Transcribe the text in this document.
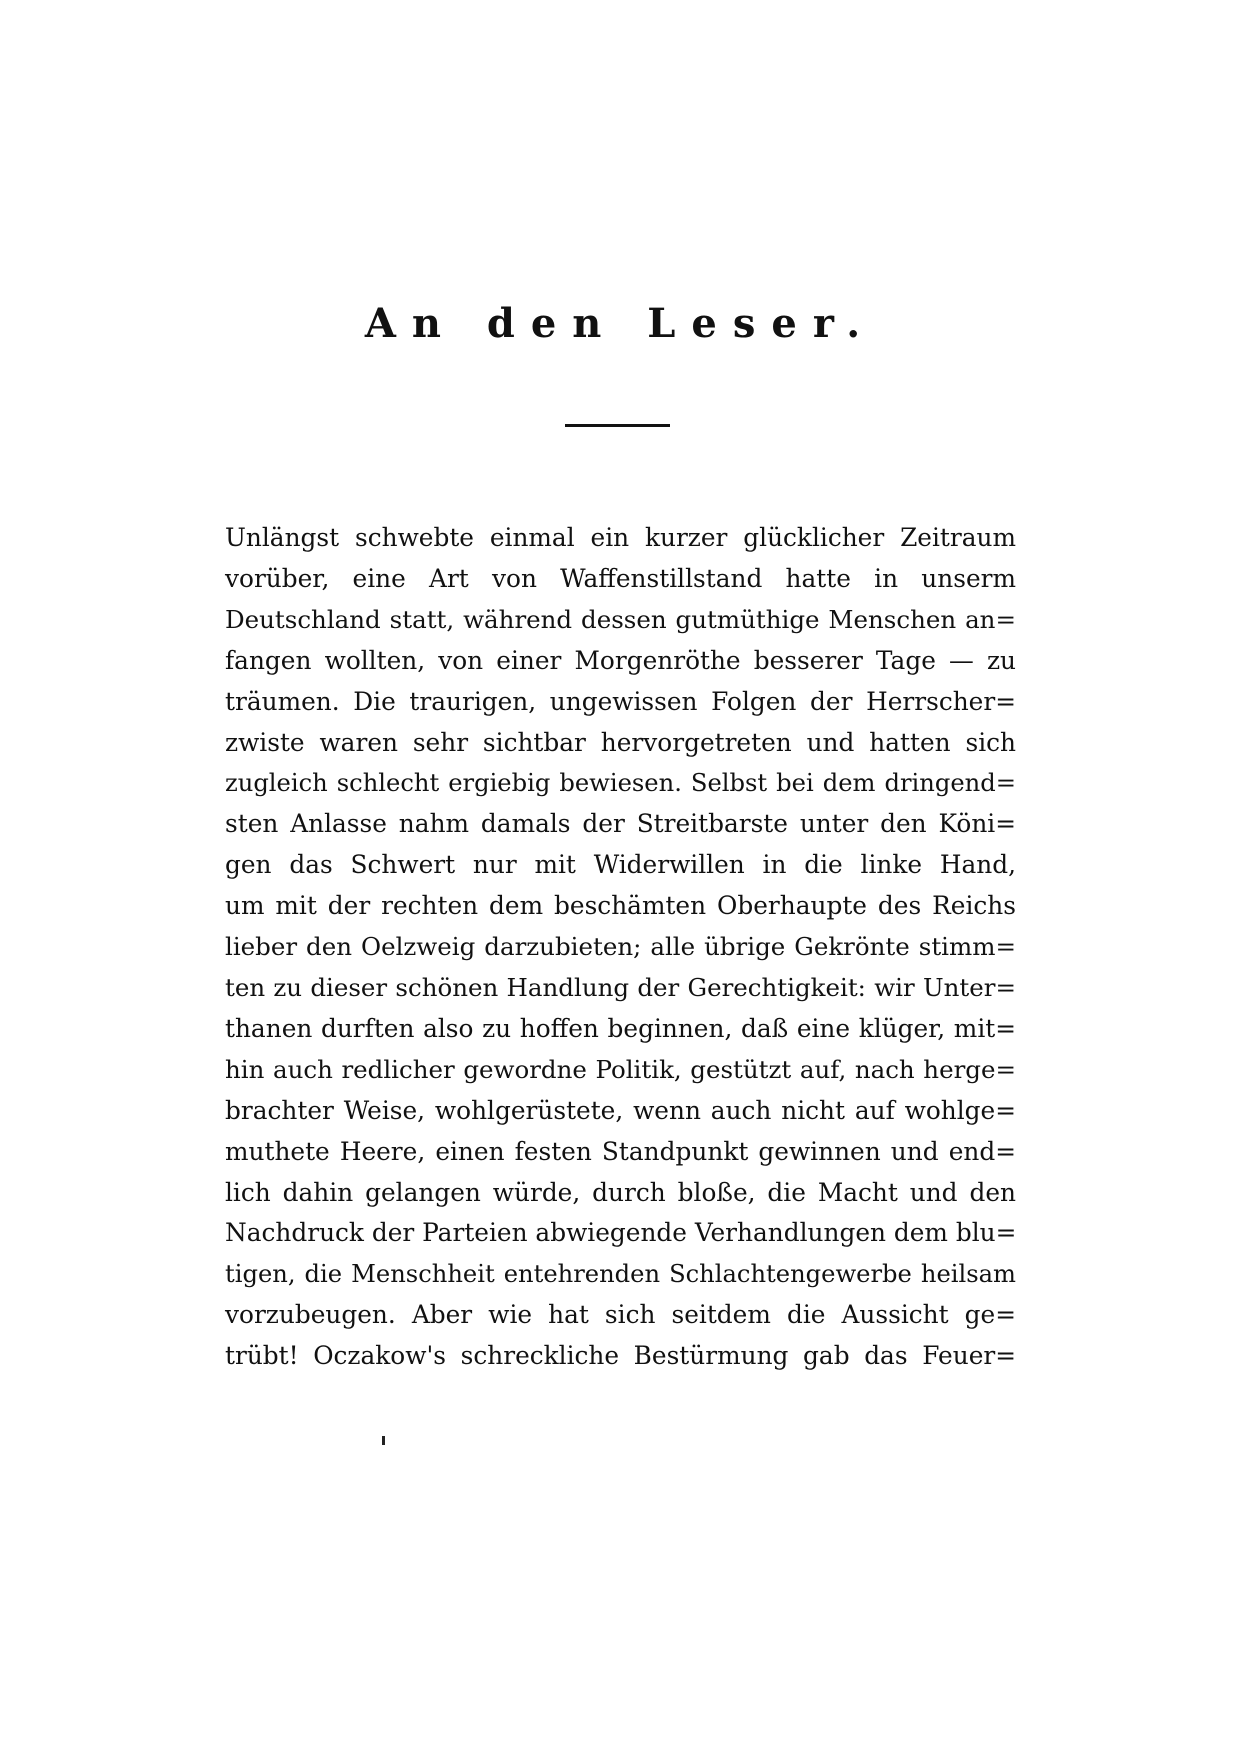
An den Leser.
Unlängst schwebte einmal ein kurzer glücklicher Zeitraum
vorüber, eine Art von Waffenstillstand hatte in unserm
Deutschland statt, während dessen gutmüthige Menschen an=
fangen wollten, von einer Morgenröthe besserer Tage — zu
träumen. Die traurigen, ungewissen Folgen der Herrscher=
zwiste waren sehr sichtbar hervorgetreten und hatten sich
zugleich schlecht ergiebig bewiesen. Selbst bei dem dringend=
sten Anlasse nahm damals der Streitbarste unter den Köni=
gen das Schwert nur mit Widerwillen in die linke Hand,
um mit der rechten dem beschämten Oberhaupte des Reichs
lieber den Oelzweig darzubieten; alle übrige Gekrönte stimm=
ten zu dieser schönen Handlung der Gerechtigkeit: wir Unter=
thanen durften also zu hoffen beginnen, daß eine klüger, mit=
hin auch redlicher gewordne Politik, gestützt auf, nach herge=
brachter Weise, wohlgerüstete, wenn auch nicht auf wohlge=
muthete Heere, einen festen Standpunkt gewinnen und end=
lich dahin gelangen würde, durch bloße, die Macht und den
Nachdruck der Parteien abwiegende Verhandlungen dem blu=
tigen, die Menschheit entehrenden Schlachtengewerbe heilsam
vorzubeugen. Aber wie hat sich seitdem die Aussicht ge=
trübt! Oczakow's schreckliche Bestürmung gab das Feuer=
